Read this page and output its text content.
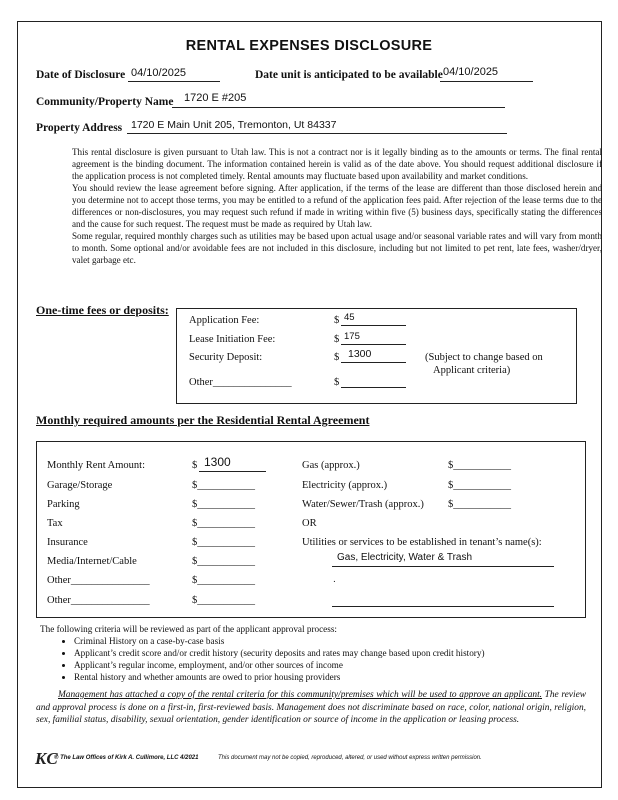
RENTAL EXPENSES DISCLOSURE
Date of Disclosure 04/10/2025	Date unit is anticipated to be available 04/10/2025
Community/Property Name 1720 E #205
Property Address 1720 E Main Unit 205, Tremonton, Ut 84337
This rental disclosure is given pursuant to Utah law. This is not a contract nor is it legally binding as to the amounts or terms. The final rental agreement is the binding document. The information contained herein is valid as of the date above. You should request additional disclosure if the application process is not completed timely. Rental amounts may fluctuate based upon availability and market conditions.
You should review the lease agreement before signing. After application, if the terms of the lease are different than those disclosed herein and you determine not to accept those terms, you may be entitled to a refund of the application fees paid. After rejection of the lease terms due to the differences or non-disclosures, you may request such refund if made in writing within five (5) business days, specifically stating the differences and the cause for such request. The request must be made as required by Utah law.
Some regular, required monthly charges such as utilities may be based upon actual usage and/or seasonal variable rates and will vary from month to month. Some optional and/or avoidable fees are not included in this disclosure, including but not limited to pet rent, late fees, washer/dryer, valet garbage etc.
One-time fees or deposits:
Application Fee:	$ 45
Lease Initiation Fee:	$ 175
Security Deposit:	$ 1300	(Subject to change based on
Applicant criteria)
Other_______________	$
Monthly required amounts per the Residential Rental Agreement
Monthly Rent Amount:	$ 1300
Garage/Storage	$___________
Parking	$___________
Tax	$___________
Insurance	$___________
Media/Internet/Cable	$___________
Other_______________	$___________
Other_______________	$___________
Gas (approx.)	$___________
Electricity (approx.)	$___________
Water/Sewer/Trash (approx.) $___________
OR
Utilities or services to be established in tenant’s name(s):
Gas, Electricity, Water & Trash
.
The following criteria will be reviewed as part of the applicant approval process:
• Criminal History on a case-by-case basis
• Applicant’s credit score and/or credit history (security deposits and rates may change based upon credit history)
• Applicant’s regular income, employment, and/or other sources of income
• Rental history and whether amounts are owed to prior housing providers
Management has attached a copy of the rental criteria for this community/premises which will be used to approve an applicant. The review and approval process is done on a first-in, first-reviewed basis. Management does not discriminate based on race, color, national origin, religion, sex, familial status, disability, sexual orientation, gender identification or source of income in the application or leasing process.
KC
® The Law Offices of Kirk A. Cullimore, LLC 4/2021	This document may not be copied, reproduced, altered, or used without express written permission.
